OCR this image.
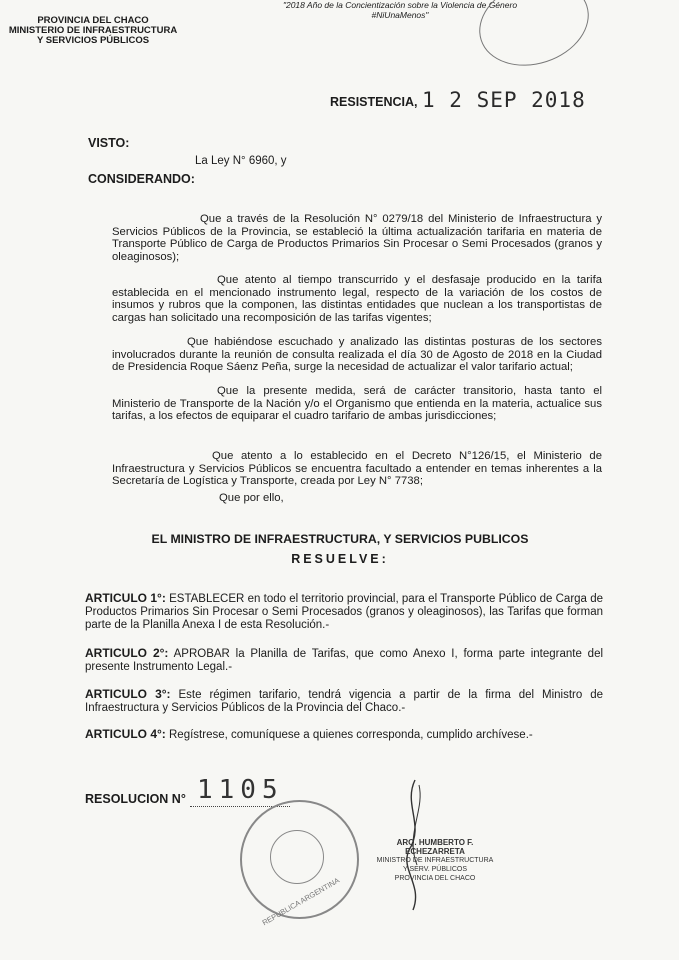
PROVINCIA DEL CHACO
MINISTERIO DE INFRAESTRUCTURA
Y SERVICIOS PÚBLICOS
"2018 Año de la Concientización sobre la Violencia de Género
#NiUnaMenos"
RESISTENCIA, 1 2 SEP 2018
VISTO:
La Ley N° 6960, y
CONSIDERANDO:
Que a través de la Resolución N° 0279/18 del Ministerio de Infraestructura y Servicios Públicos de la Provincia, se estableció la última actualización tarifaria en materia de Transporte Público de Carga de Productos Primarios Sin Procesar o Semi Procesados (granos y oleaginosos);
Que atento al tiempo transcurrido y el desfasaje producido en la tarifa establecida en el mencionado instrumento legal, respecto de la variación de los costos de insumos y rubros que la componen, las distintas entidades que nuclean a los transportistas de cargas han solicitado una recomposición de las tarifas vigentes;
Que habiéndose escuchado y analizado las distintas posturas de los sectores involucrados durante la reunión de consulta realizada el día 30 de Agosto de 2018 en la Ciudad de Presidencia Roque Sáenz Peña, surge la necesidad de actualizar el valor tarifario actual;
Que la presente medida, será de carácter transitorio, hasta tanto el Ministerio de Transporte de la Nación y/o el Organismo que entienda en la materia, actualice sus tarifas, a los efectos de equiparar el cuadro tarifario de ambas jurisdicciones;
Que atento a lo establecido en el Decreto N°126/15, el Ministerio de Infraestructura y Servicios Públicos se encuentra facultado a entender en temas inherentes a la Secretaría de Logística y Transporte, creada por Ley N° 7738;
Que por ello,
EL MINISTRO DE INFRAESTRUCTURA, Y SERVICIOS PUBLICOS
RESUELVE:
ARTICULO 1°: ESTABLECER en todo el territorio provincial, para el Transporte Público de Carga de Productos Primarios Sin Procesar o Semi Procesados (granos y oleaginosos), las Tarifas que forman parte de la Planilla Anexa I de esta Resolución.-
ARTICULO 2°: APROBAR la Planilla de Tarifas, que como Anexo I, forma parte integrante del presente Instrumento Legal.-
ARTICULO 3°: Este régimen tarifario, tendrá vigencia a partir de la firma del Ministro de Infraestructura y Servicios Públicos de la Provincia del Chaco.-
ARTICULO 4°: Regístrese, comuníquese a quienes corresponda, cumplido archívese.-
RESOLUCION N° 1105
REPUBLICA ARGENTINA
ARQ. HUMBERTO F. ECHEZARRETA
MINISTRO DE INFRAESTRUCTURA
Y SERV. PÚBLICOS
PROVINCIA DEL CHACO
